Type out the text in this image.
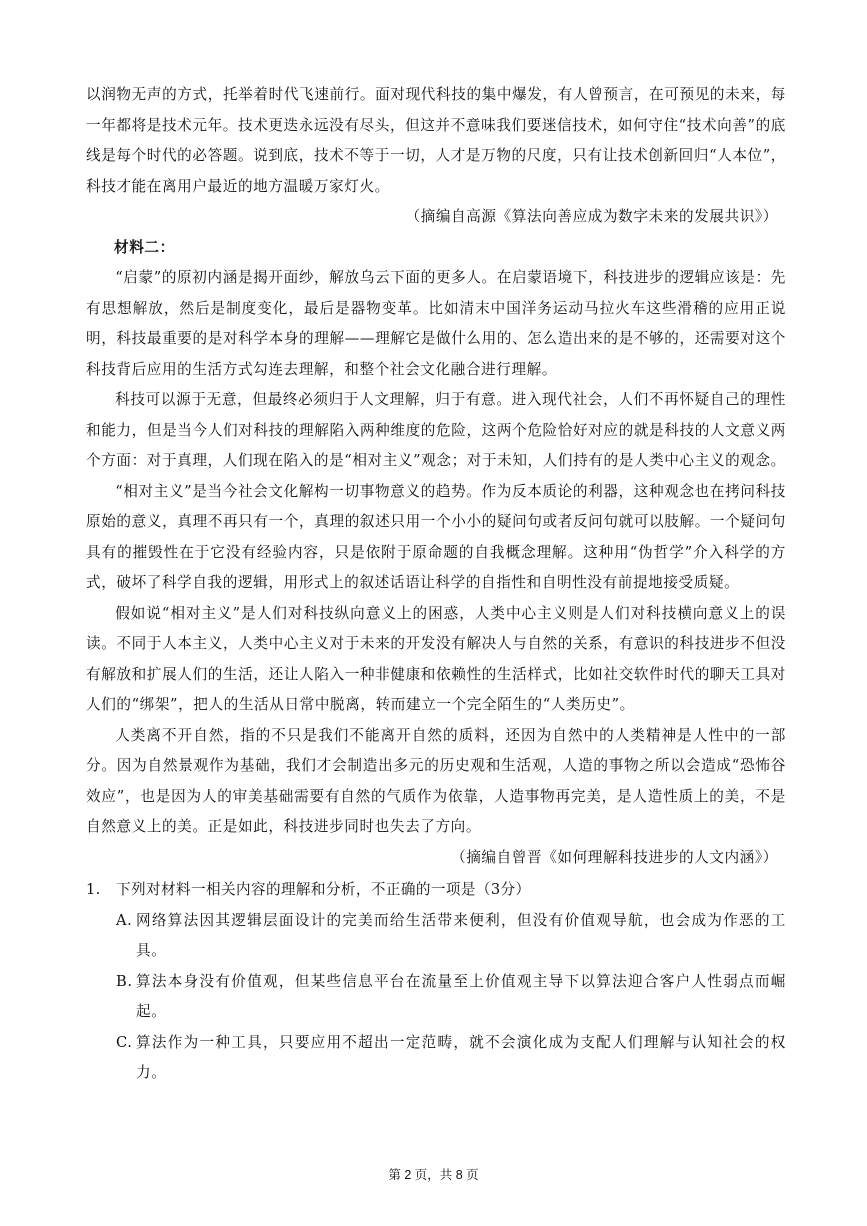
以润物无声的方式，托举着时代飞速前行。面对现代科技的集中爆发，有人曾预言，在可预见的未来，每一年都将是技术元年。技术更迭永远没有尽头，但这并不意味我们要迷信技术，如何守住“技术向善”的底线是每个时代的必答题。说到底，技术不等于一切，人才是万物的尺度，只有让技术创新回归“人本位”，科技才能在离用户最近的地方温暖万家灯火。

（摘编自高源《算法向善应成为数字未来的发展共识》）

材料二：

“启蒙”的原初内涵是揭开面纱，解放乌云下面的更多人。在启蒙语境下，科技进步的逻辑应该是：先有思想解放，然后是制度变化，最后是器物变革。比如清末中国洋务运动马拉火车这些滑稽的应用正说明，科技最重要的是对科学本身的理解——理解它是做什么用的、怎么造出来的是不够的，还需要对这个科技背后应用的生活方式勾连去理解，和整个社会文化融合进行理解。

科技可以源于无意，但最终必须归于人文理解，归于有意。进入现代社会，人们不再怀疑自己的理性和能力，但是当今人们对科技的理解陷入两种维度的危险，这两个危险恰好对应的就是科技的人文意义两个方面：对于真理，人们现在陷入的是“相对主义”观念；对于未知，人们持有的是人类中心主义的观念。

“相对主义”是当今社会文化解构一切事物意义的趋势。作为反本质论的利器，这种观念也在拷问科技原始的意义，真理不再只有一个，真理的叙述只用一个小小的疑问句或者反问句就可以肢解。一个疑问句具有的摧毁性在于它没有经验内容，只是依附于原命题的自我概念理解。这种用“伪哲学”介入科学的方式，破坏了科学自我的逻辑，用形式上的叙述话语让科学的自指性和自明性没有前提地接受质疑。

假如说“相对主义”是人们对科技纵向意义上的困惑，人类中心主义则是人们对科技横向意义上的误读。不同于人本主义，人类中心主义对于未来的开发没有解决人与自然的关系，有意识的科技进步不但没有解放和扩展人们的生活，还让人陷入一种非健康和依赖性的生活样式，比如社交软件时代的聊天工具对人们的“绑架”，把人的生活从日常中脱离，转而建立一个完全陌生的“人类历史”。

人类离不开自然，指的不只是我们不能离开自然的质料，还因为自然中的人类精神是人性中的一部分。因为自然景观作为基础，我们才会制造出多元的历史观和生活观，人造的事物之所以会造成“恐怖谷效应”，也是因为人的审美基础需要有自然的气质作为依靠，人造事物再完美，是人造性质上的美，不是自然意义上的美。正是如此，科技进步同时也失去了方向。

（摘编自曾晋《如何理解科技进步的人文内涵》）

1. 下列对材料一相关内容的理解和分析，不正确的一项是（3分）
A. 网络算法因其逻辑层面设计的完美而给生活带来便利，但没有价值观导航，也会成为作恶的工具。
B. 算法本身没有价值观，但某些信息平台在流量至上价值观主导下以算法迎合客户人性弱点而崛起。
C. 算法作为一种工具，只要应用不超出一定范畴，就不会演化成为支配人们理解与认知社会的权力。
第 2 页，共 8 页
